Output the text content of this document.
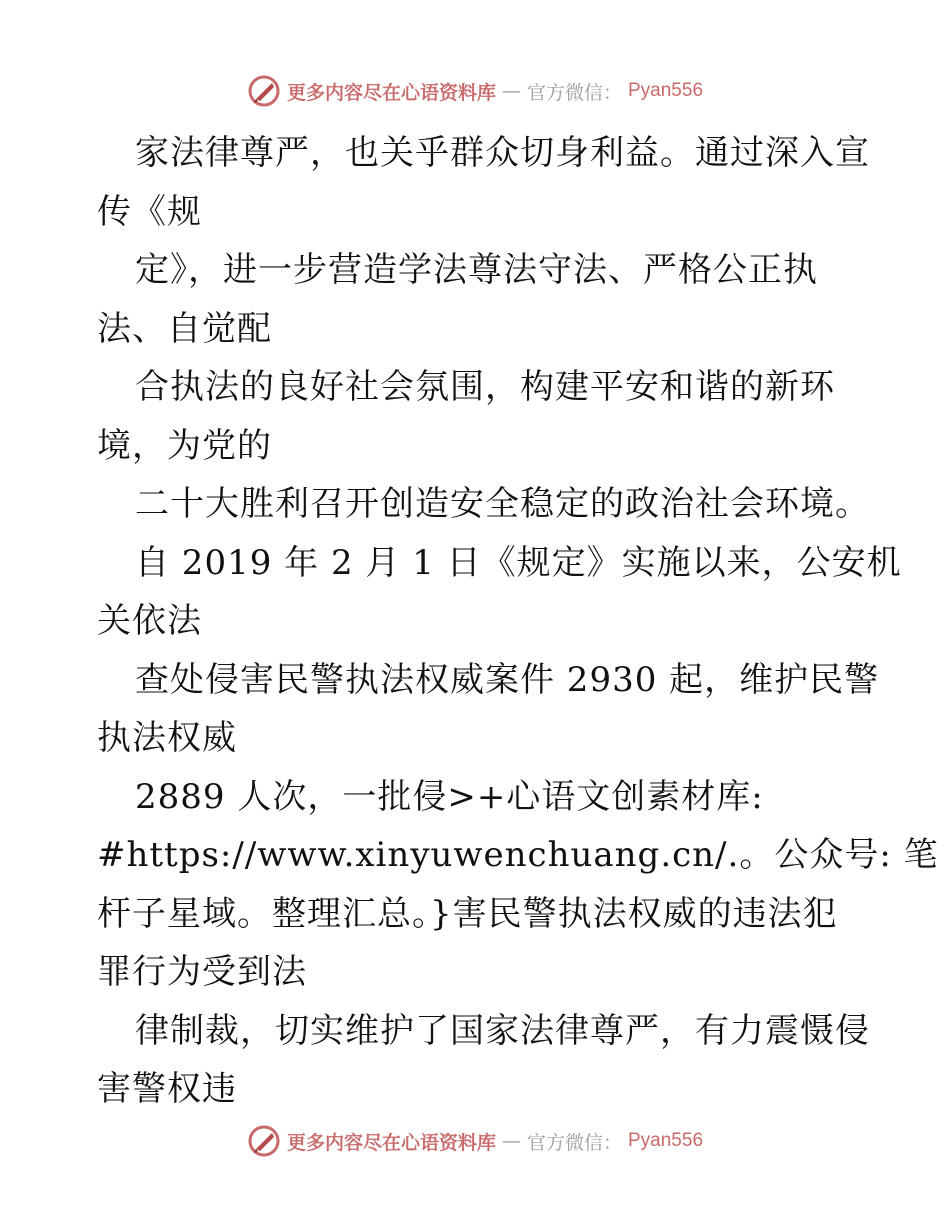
更多内容尽在心语资料库 — 官方微信： Pyan556
家法律尊严，也关乎群众切身利益。通过深入宣
传《规
定》，进一步营造学法尊法守法、严格公正执
法、自觉配
合执法的良好社会氛围，构建平安和谐的新环
境，为党的
二十大胜利召开创造安全稳定的政治社会环境。
自 2019 年 2 月 1 日《规定》实施以来，公安机
关依法
查处侵害民警执法权威案件 2930 起，维护民警
执法权威
2889 人次，一批侵>+心语文创素材库:
#https://www.xinyuwenchuang.cn/.。公众号: 笔
杆子星域。整理汇总。}害民警执法权威的违法犯
罪行为受到法
律制裁，切实维护了国家法律尊严，有力震慑侵
害警权违
更多内容尽在心语资料库 — 官方微信： Pyan556
